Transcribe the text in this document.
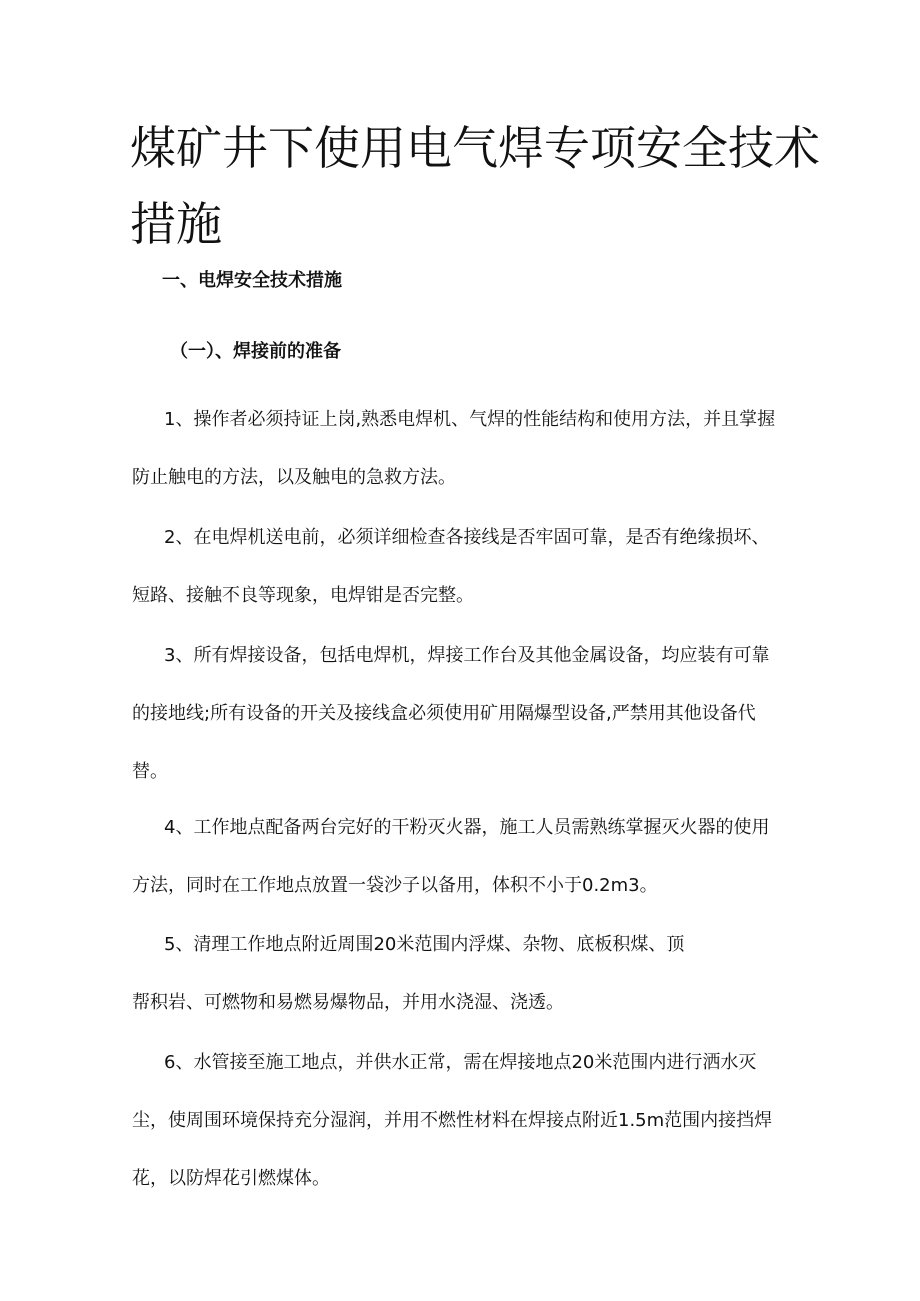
煤矿井下使用电气焊专项安全技术
措施
一、电焊安全技术措施
（一）、焊接前的准备

1、操作者必须持证上岗,熟悉电焊机、气焊的性能结构和使用方法，并且掌握
防止触电的方法，以及触电的急救方法。

2、在电焊机送电前，必须详细检查各接线是否牢固可靠，是否有绝缘损坏、
短路、接触不良等现象，电焊钳是否完整。

3、所有焊接设备，包括电焊机，焊接工作台及其他金属设备，均应装有可靠
的接地线;所有设备的开关及接线盒必须使用矿用隔爆型设备,严禁用其他设备代
替。

4、工作地点配备两台完好的干粉灭火器，施工人员需熟练掌握灭火器的使用
方法，同时在工作地点放置一袋沙子以备用，体积不小于0.2m3。

5、清理工作地点附近周围20米范围内浮煤、杂物、底板积煤、顶
帮积岩、可燃物和易燃易爆物品，并用水浇湿、浇透。

6、水管接至施工地点，并供水正常，需在焊接地点20米范围内进行洒水灭
尘，使周围环境保持充分湿润，并用不燃性材料在焊接点附近1.5m范围内接挡焊
花，以防焊花引燃煤体。
